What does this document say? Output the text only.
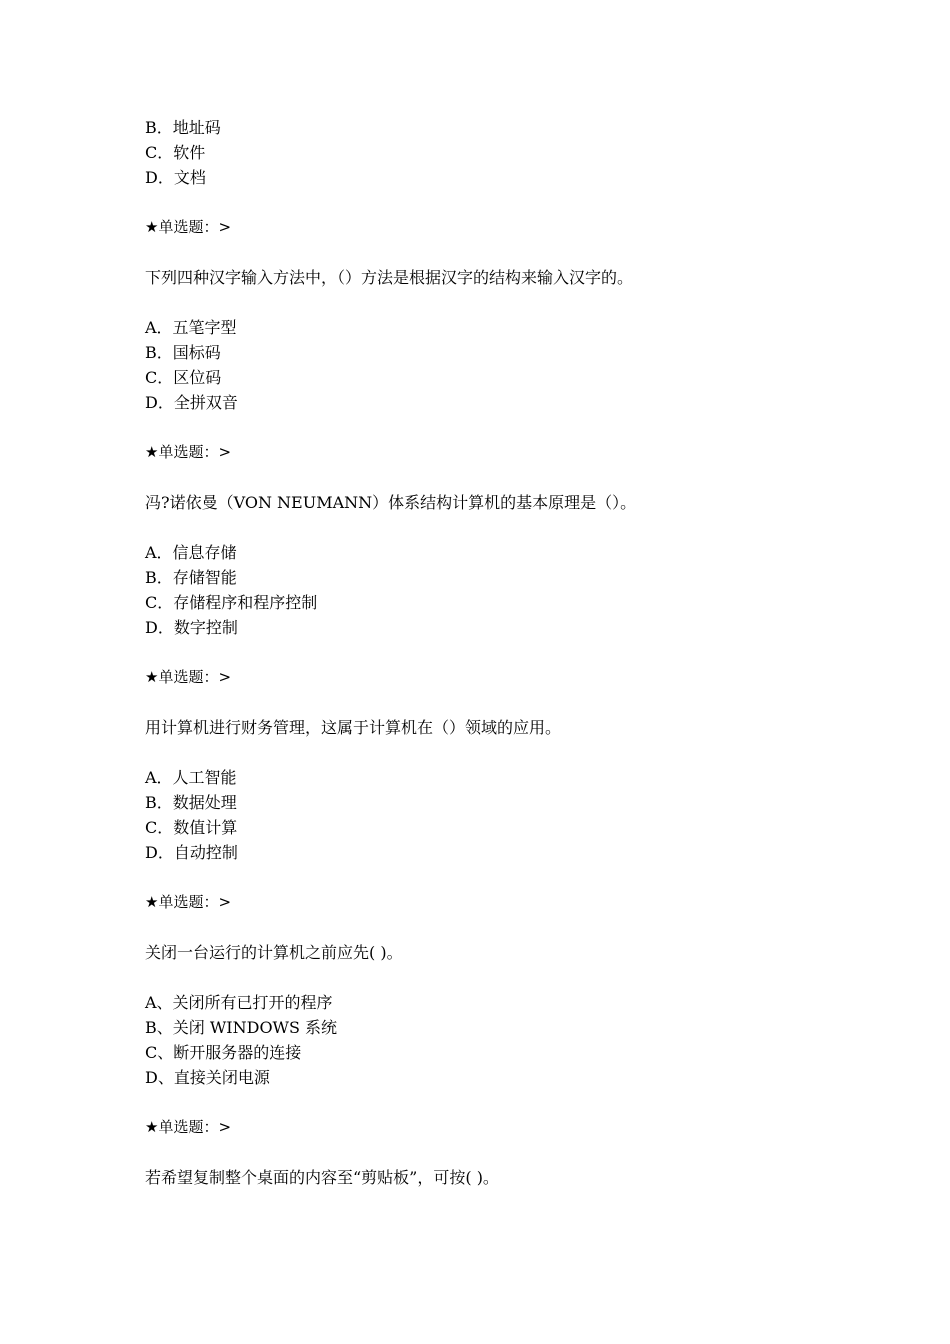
B．地址码
C．软件
D．文档
★单选题：>
下列四种汉字输入方法中，（）方法是根据汉字的结构来输入汉字的。
A．五笔字型
B．国标码
C．区位码
D．全拼双音
★单选题：>
冯?诺依曼（VON NEUMANN）体系结构计算机的基本原理是（）。
A．信息存储
B．存储智能
C．存储程序和程序控制
D．数字控制
★单选题：>
用计算机进行财务管理，这属于计算机在（）领域的应用。
A．人工智能
B．数据处理
C．数值计算
D．自动控制
★单选题：>
关闭一台运行的计算机之前应先( )。
A、关闭所有已打开的程序
B、关闭 WINDOWS 系统
C、断开服务器的连接
D、直接关闭电源
★单选题：>
若希望复制整个桌面的内容至“剪贴板”，可按( )。
